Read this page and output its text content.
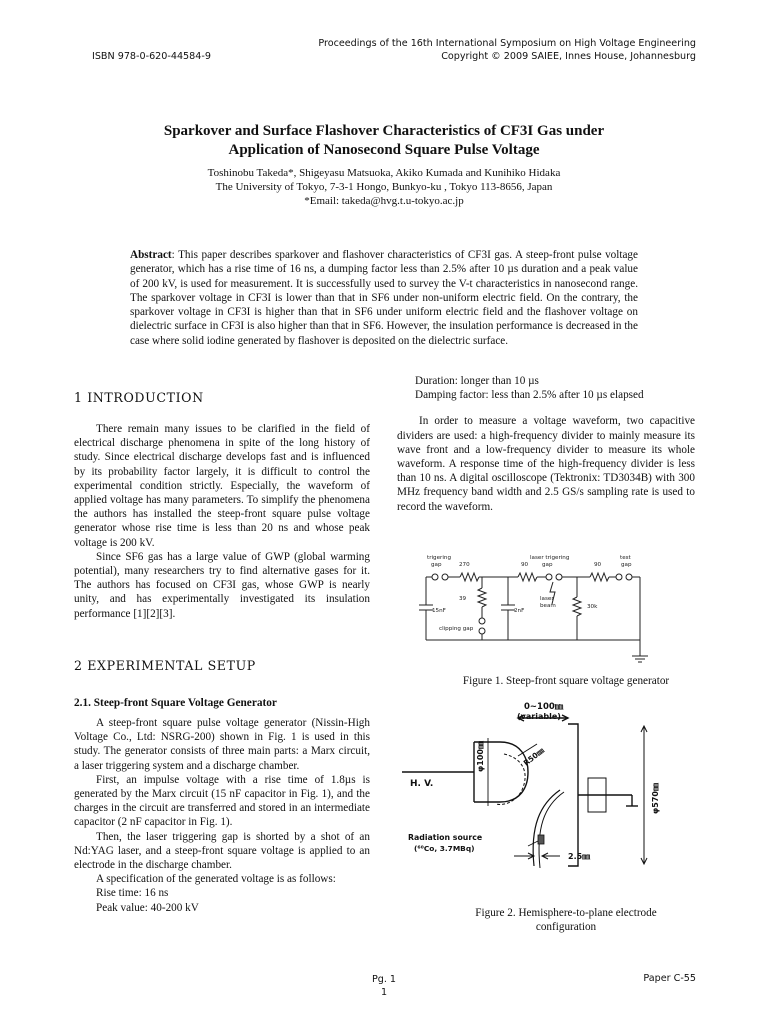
Proceedings of the 16th International Symposium on High Voltage Engineering
Copyright © 2009 SAIEE, Innes House, Johannesburg
ISBN 978-0-620-44584-9
Sparkover and Surface Flashover Characteristics of CF3I Gas under
Application of Nanosecond Square Pulse Voltage
Toshinobu Takeda*, Shigeyasu Matsuoka, Akiko Kumada and Kunihiko Hidaka
The University of Tokyo, 7-3-1 Hongo, Bunkyo-ku , Tokyo 113-8656, Japan
*Email: takeda@hvg.t.u-tokyo.ac.jp
Abstract: This paper describes sparkover and flashover characteristics of CF3I gas. A steep-front pulse voltage generator, which has a rise time of 16 ns, a dumping factor less than 2.5% after 10 µs duration and a peak value of 200 kV, is used for measurement. It is successfully used to survey the V-t characteristics in nanosecond range. The sparkover voltage in CF3I is lower than that in SF6 under non-uniform electric field. On the contrary, the sparkover voltage in CF3I is higher than that in SF6 under uniform electric field and the flashover voltage on dielectric surface in CF3I is also higher than that in SF6. However, the insulation performance is decreased in the case where solid iodine generated by flashover is deposited on the dielectric surface.
1 INTRODUCTION

There remain many issues to be clarified in the field of electrical discharge phenomena in spite of the long history of study. Since electrical discharge develops fast and is influenced by its probability factor largely, it is difficult to control the experimental condition strictly. Especially, the waveform of applied voltage has many parameters. To simplify the phenomena the authors has installed the steep-front square pulse voltage generator whose rise time is less than 20 ns and whose peak voltage is 200 kV.

Since SF6 gas has a large value of GWP (global warming potential), many researchers try to find alternative gases for it. The authors has focused on CF3I gas, whose GWP is nearly unity, and has experimentally investigated its insulation performance [1][2][3].

2 EXPERIMENTAL SETUP
2.1. Steep-front Square Voltage Generator

A steep-front square pulse voltage generator (Nissin-High Voltage Co., Ltd: NSRG-200) shown in Fig. 1 is used in this study. The generator consists of three main parts: a Marx circuit, a laser triggering system and a discharge chamber.

First, an impulse voltage with a rise time of 1.8µs is generated by the Marx circuit (15 nF capacitor in Fig. 1), and the charges in the circuit are transferred and stored in an intermediate capacitor (2 nF capacitor in Fig. 1).

Then, the laser triggering gap is shorted by a shot of an Nd:YAG laser, and a steep-front square voltage is applied to an electrode in the discharge chamber.

A specification of the generated voltage is as follows:

Rise time: 16 ns

Peak value: 40-200 kV

Duration: longer than 10 µs

Damping factor: less than 2.5% after 10 µs elapsed

In order to measure a voltage waveform, two capacitive dividers are used: a high-frequency divider to mainly measure its wave front and a low-frequency divider to measure its whole waveform. A response time of the high-frequency divider is less than 10 ns. A digital oscilloscope (Tektronix: TD3034B) with 300 MHz frequency band width and 2.5 GS/s sampling rate is used to record the waveform.

trigering
gap	270	90
laser trigering
gap	90
test
gap
39	laser
beam	30k
15nF	2nF
clipping gap
Figure 1. Steep-front square voltage generator
0~100㎜
(variable)
φ100㎜	R50㎜
H. V.	φ570㎜
Radiation source
(⁶⁰Co, 3.7MBq)
2.5㎜
Figure 2. Hemisphere-to-plane electrode
configuration
Pg. 1
1
Paper C-55
